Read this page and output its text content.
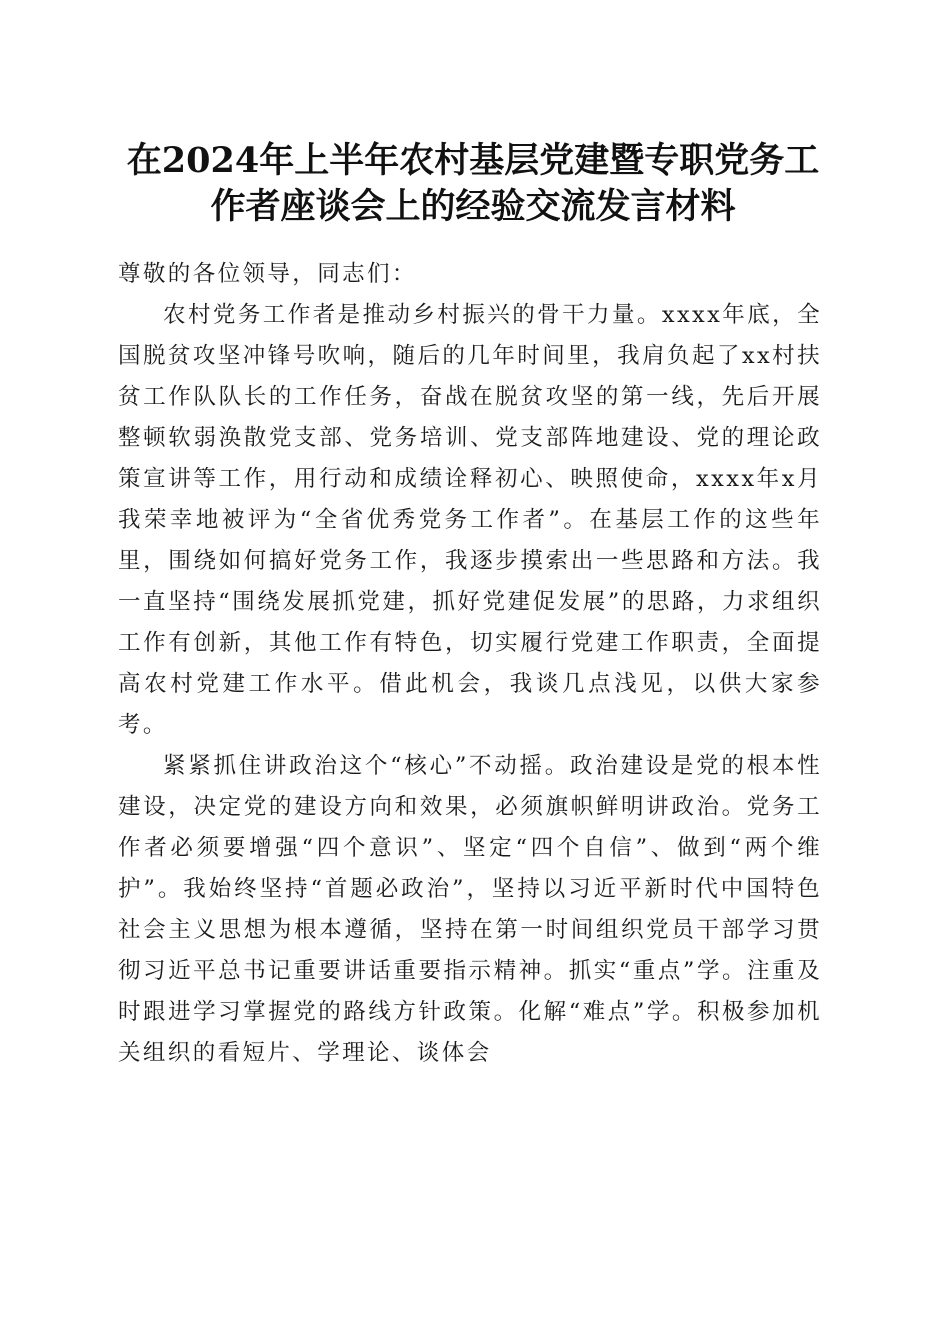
在2024年上半年农村基层党建暨专职党务工作者座谈会上的经验交流发言材料

尊敬的各位领导，同志们：

农村党务工作者是推动乡村振兴的骨干力量。xxxx年底，全国脱贫攻坚冲锋号吹响，随后的几年时间里，我肩负起了xx村扶贫工作队队长的工作任务，奋战在脱贫攻坚的第一线，先后开展整顿软弱涣散党支部、党务培训、党支部阵地建设、党的理论政策宣讲等工作，用行动和成绩诠释初心、映照使命，xxxx年x月我荣幸地被评为“全省优秀党务工作者”。在基层工作的这些年里，围绕如何搞好党务工作，我逐步摸索出一些思路和方法。我一直坚持“围绕发展抓党建，抓好党建促发展”的思路，力求组织工作有创新，其他工作有特色，切实履行党建工作职责，全面提高农村党建工作水平。借此机会，我谈几点浅见，以供大家参考。

紧紧抓住讲政治这个“核心”不动摇。政治建设是党的根本性建设，决定党的建设方向和效果，必须旗帜鲜明讲政治。党务工作者必须要增强“四个意识”、坚定“四个自信”、做到“两个维护”。我始终坚持“首题必政治”，坚持以习近平新时代中国特色社会主义思想为根本遵循，坚持在第一时间组织党员干部学习贯彻习近平总书记重要讲话重要指示精神。抓实“重点”学。注重及时跟进学习掌握党的路线方针政策。化解“难点”学。积极参加机关组织的看短片、学理论、谈体会
